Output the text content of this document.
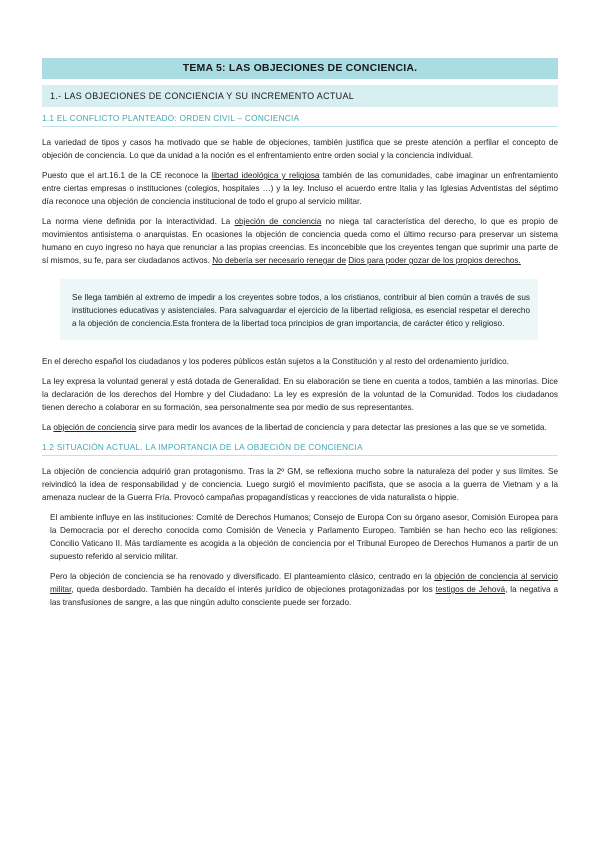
TEMA 5: LAS OBJECIONES DE CONCIENCIA.
1.- LAS OBJECIONES DE CONCIENCIA Y SU INCREMENTO ACTUAL
1.1 EL CONFLICTO PLANTEADO: ORDEN CIVIL – CONCIENCIA

La variedad de tipos y casos ha motivado que se hable de objeciones, también justifica que se preste atención a perfilar el concepto de objeción de conciencia. Lo que da unidad a la noción es el enfrentamiento entre orden social y la conciencia individual.

Puesto que el art.16.1 de la CE reconoce la libertad ideológica y religiosa también de las comunidades, cabe imaginar un enfrentamiento entre ciertas empresas o instituciones (colegios, hospitales …) y la ley. Incluso el acuerdo entre Italia y las Iglesias Adventistas del séptimo día reconoce una objeción de conciencia institucional de todo el grupo al servicio militar.

La norma viene definida por la interactividad. La objeción de conciencia no niega tal característica del derecho, lo que es propio de movimientos antisistema o anarquistas. En ocasiones la objeción de conciencia queda como el último recurso para preservar un sistema humano en cuyo ingreso no haya que renunciar a las propias creencias. Es inconcebible que los creyentes tengan que suprimir una parte de sí mismos, su fe, para ser ciudadanos activos. No debería ser necesario renegar de Dios para poder gozar de los propios derechos.

Se llega también al extremo de impedir a los creyentes sobre todos, a los cristianos, contribuir al bien común a través de sus instituciones educativas y asistenciales. Para salvaguardar el ejercicio de la libertad religiosa, es esencial respetar el derecho a la objeción de conciencia.Esta frontera de la libertad toca principios de gran importancia, de carácter ético y religioso.

En el derecho español los ciudadanos y los poderes públicos están sujetos a la Constitución y al resto del ordenamiento jurídico.

La ley expresa la voluntad general y está dotada de Generalidad. En su elaboración se tiene en cuenta a todos, también a las minorías. Dice la declaración de los derechos del Hombre y del Ciudadano: La ley es expresión de la voluntad de la Comunidad. Todos los ciudadanos tienen derecho a colaborar en su formación, sea personalmente sea por medio de sus representantes.

La objeción de conciencia sirve para medir los avances de la libertad de conciencia y para detectar las presiones a las que se ve sometida.

1.2 SITUACIÓN ACTUAL. LA IMPORTANCIA DE LA OBJECIÓN DE CONCIENCIA

La objeción de conciencia adquirió gran protagonismo. Tras la 2º GM, se reflexiona mucho sobre la naturaleza del poder y sus límites. Se reivindicó la idea de responsabilidad y de conciencia. Luego surgió el movimiento pacifista, que se asocia a la guerra de Vietnam y a la amenaza nuclear de la Guerra Fría. Provocó campañas propagandísticas y reacciones de vida naturalista o hippie.

El ambiente influye en las instituciones: Comité de Derechos Humanos; Consejo de Europa Con su órgano asesor, Comisión Europea para la Democracia por el derecho conocida como Comisión de Venecia y Parlamento Europeo. También se han hecho eco las religiones: Concilio Vaticano II. Más tardíamente es acogida a la objeción de conciencia por el Tribunal Europeo de Derechos Humanos a partir de un supuesto referido al servicio militar.

Pero la objeción de conciencia se ha renovado y diversificado. El planteamiento clásico, centrado en la objeción de conciencia al servicio militar, queda desbordado. También ha decaído el interés jurídico de objeciones protagonizadas por los testigos de Jehová, la negativa a las transfusiones de sangre, a las que ningún adulto consciente puede ser forzado.
